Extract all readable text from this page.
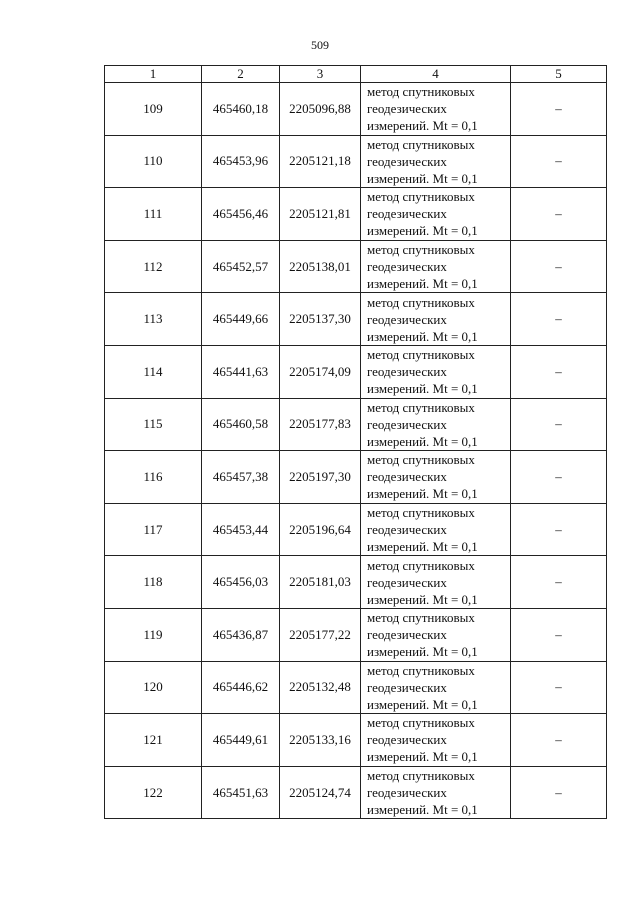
509
1	2	3	4	5
109	465460,18	2205096,88	метод спутниковых
геодезических
измерений. Mt = 0,1	–
110	465453,96	2205121,18	метод спутниковых
геодезических
измерений. Mt = 0,1	–
111	465456,46	2205121,81	метод спутниковых
геодезических
измерений. Mt = 0,1	–
112	465452,57	2205138,01	метод спутниковых
геодезических
измерений. Mt = 0,1	–
113	465449,66	2205137,30	метод спутниковых
геодезических
измерений. Mt = 0,1	–
114	465441,63	2205174,09	метод спутниковых
геодезических
измерений. Mt = 0,1	–
115	465460,58	2205177,83	метод спутниковых
геодезических
измерений. Mt = 0,1	–
116	465457,38	2205197,30	метод спутниковых
геодезических
измерений. Mt = 0,1	–
117	465453,44	2205196,64	метод спутниковых
геодезических
измерений. Mt = 0,1	–
118	465456,03	2205181,03	метод спутниковых
геодезических
измерений. Mt = 0,1	–
119	465436,87	2205177,22	метод спутниковых
геодезических
измерений. Mt = 0,1	–
120	465446,62	2205132,48	метод спутниковых
геодезических
измерений. Mt = 0,1	–
121	465449,61	2205133,16	метод спутниковых
геодезических
измерений. Mt = 0,1	–
122	465451,63	2205124,74	метод спутниковых
геодезических
измерений. Mt = 0,1	–
